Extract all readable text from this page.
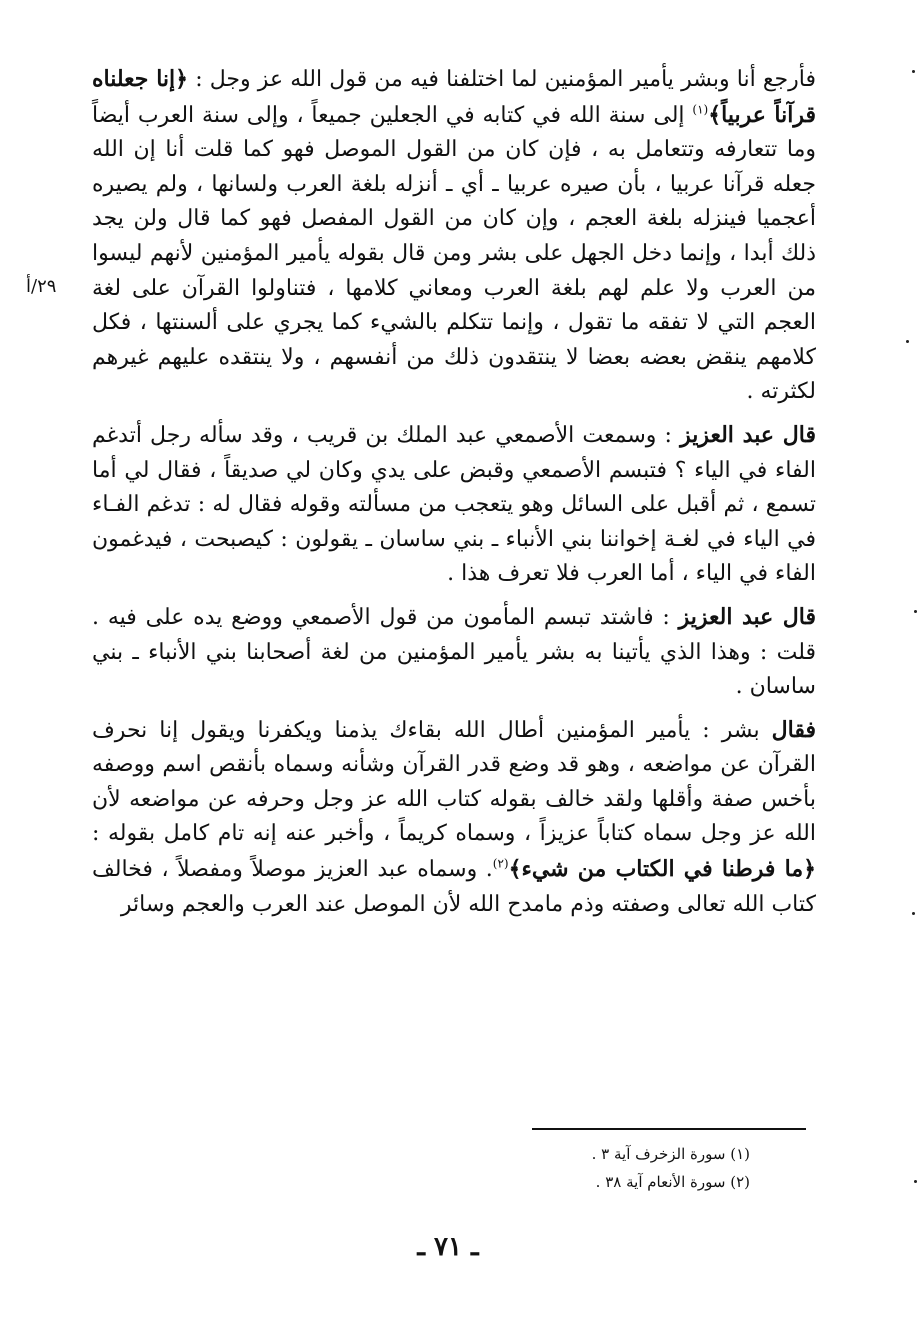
فأرجع أنا وبشر يأمير المؤمنين لما اختلفنا فيه من قول الله عز وجل : ﴿إنا جعلناه قرآناً عربياً﴾$^{(١)}$ إلى سنة الله في كتابه في الجعلين جميعاً ، وإلى سنة العرب أيضاً وما تتعارفه وتتعامل به ، فإن كان من القول الموصل فهو كما قلت أنا إن الله جعله قرآنا عربيا ، بأن صيره عربيا ـ أي ـ أنزله بلغة العرب ولسانها ، ولم يصيره أعجميا فينزله بلغة العجم ، وإن كان من القول المفصل فهو كما قال ولن يجد ذلك أبدا ، وإنما دخل الجهل على بشر ومن قال بقوله يأمير المؤمنين لأنهم ليسوا من العرب ولا علم لهم بلغة العرب ومعاني كلامها ، فتناولوا القرآن على لغة العجم التي لا تفقه ما تقول ، وإنما تتكلم بالشيء كما يجري على ألسنتها ، فكل كلامهم ينقض بعضه بعضا لا ينتقدون ذلك من أنفسهم ، ولا ينتقده عليهم غيرهم لكثرته .

قال عبد العزيز : وسمعت الأصمعي عبد الملك بن قريب ، وقد سأله رجل أتدغم الفاء في الياء ؟ فتبسم الأصمعي وقبض على يدي وكان لي صديقاً ، فقال لي أما تسمع ، ثم أقبل على السائل وهو يتعجب من مسألته وقوله فقال له : تدغم الفـاء في الياء في لغـة إخواننا بني الأنباء ـ بني ساسان ـ يقولون : كيصبحت ، فيدغمون الفاء في الياء ، أما العرب فلا تعرف هذا .

قال عبد العزيز : فاشتد تبسم المأمون من قول الأصمعي ووضع يده على فيه . قلت : وهذا الذي يأتينا به بشر يأمير المؤمنين من لغة أصحابنا بني الأنباء ـ بني ساسان .

فقال بشر : يأمير المؤمنين أطال الله بقاءك يذمنا ويكفرنا ويقول إنا نحرف القرآن عن مواضعه ، وهو قد وضع قدر القرآن وشأنه وسماه بأنقص اسم ووصفه بأخس صفة وأقلها ولقد خالف بقوله كتاب الله عز وجل وحرفه عن مواضعه لأن الله عز وجل سماه كتاباً عزيزاً ، وسماه كريماً ، وأخبر عنه إنه تام كامل بقوله : ﴿ما فرطنا في الكتاب من شيء﴾$^{(٢)}$. وسماه عبد العزيز موصلاً ومفصلاً ، فخالف كتاب الله تعالى وصفته وذم مامدح الله لأن الموصل عند العرب والعجم وسائر

٢٩/أ
(١) سورة الزخرف آية ٣ .
(٢) سورة الأنعام آية ٣٨ .
ـ ٧١ ـ
